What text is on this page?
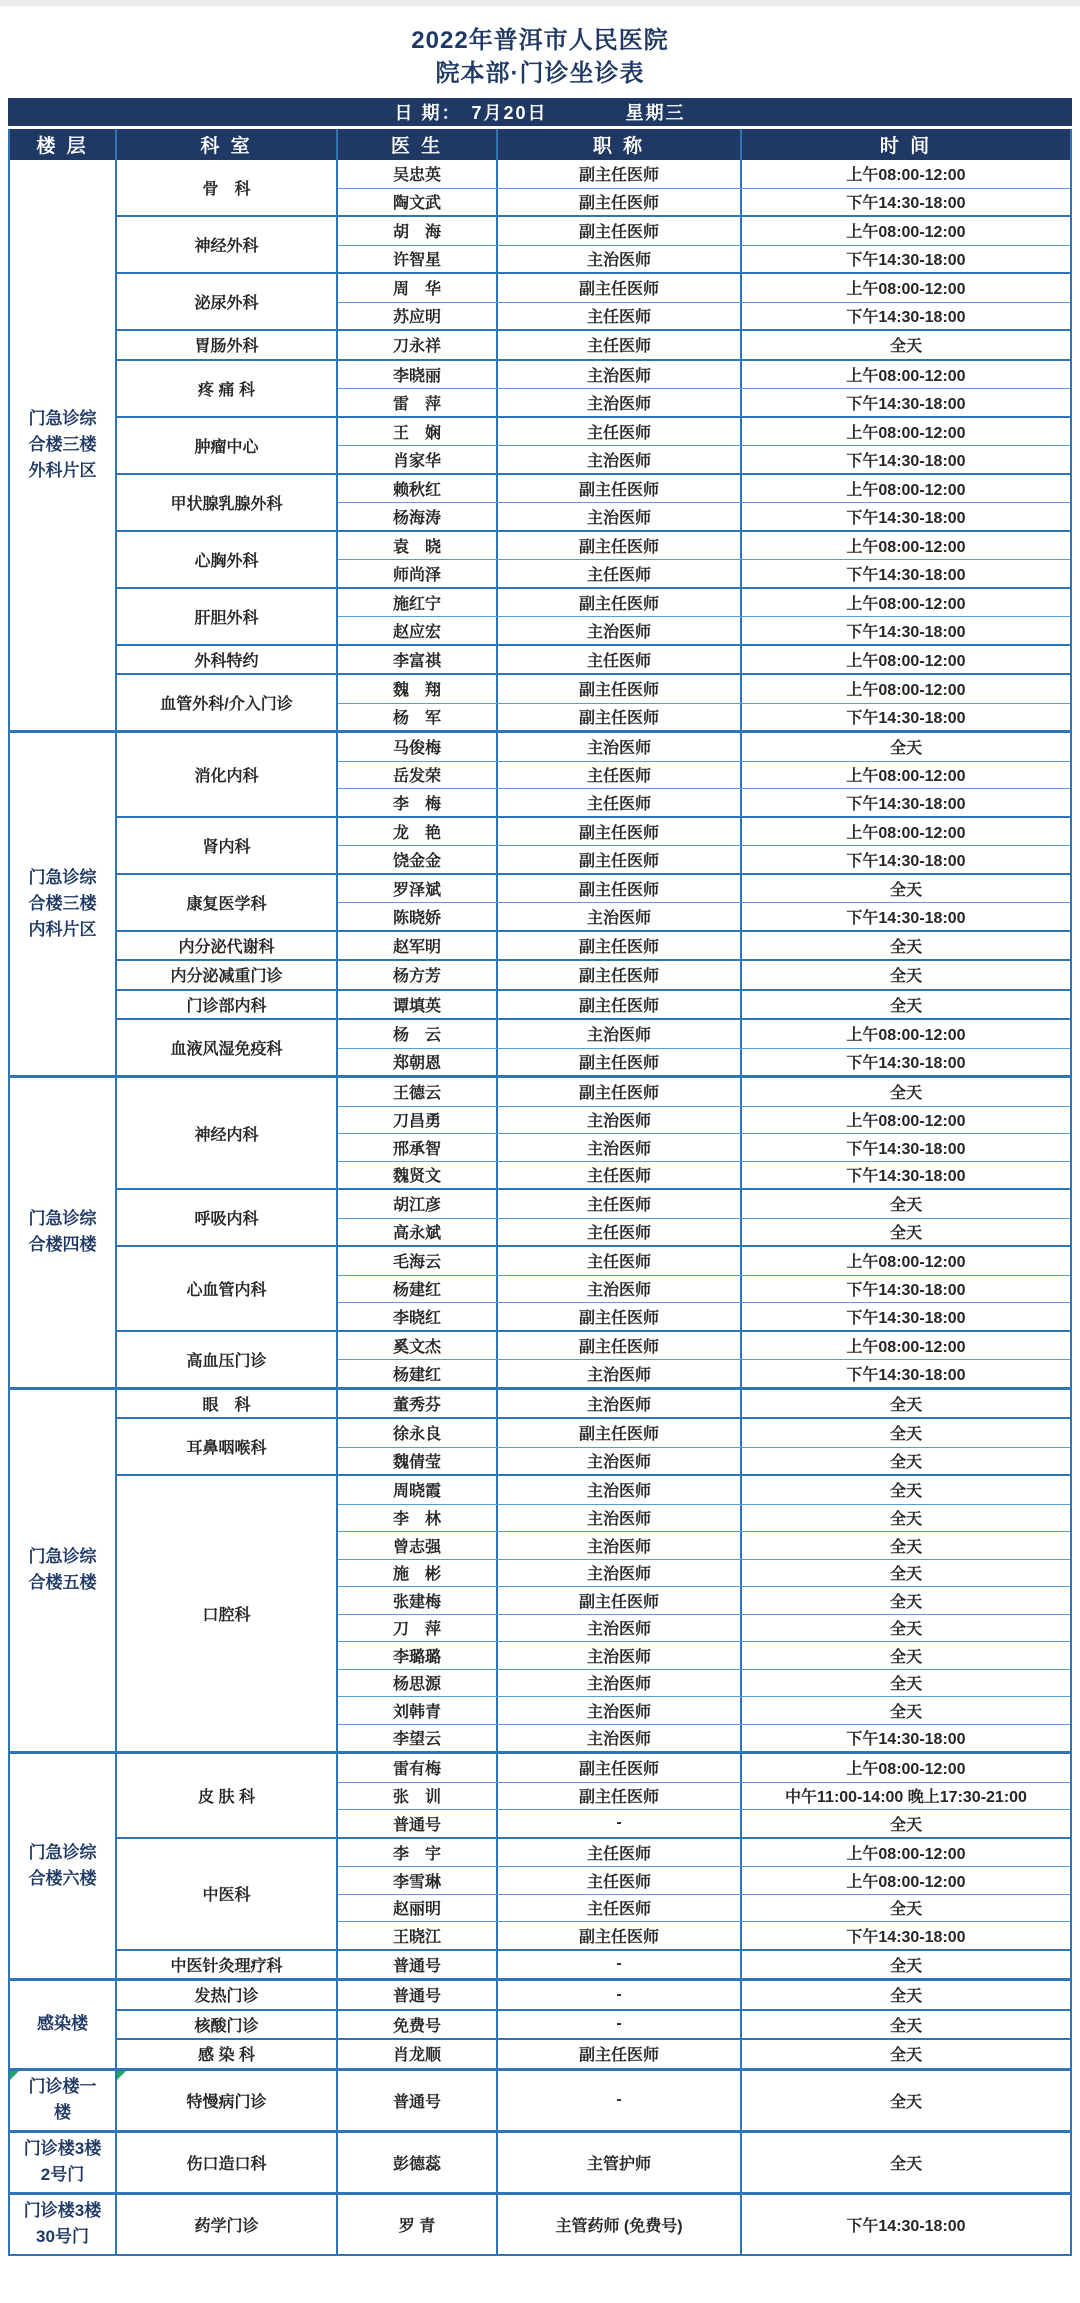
2022年普洱市人民医院
院本部·门诊坐诊表
日 期： 7月20日	星期三
楼 层	科 室	医 生	职 称	时 间
门急诊综
合楼三楼
外科片区
骨　科
吴忠英	副主任医师	上午08:00-12:00
陶文武	副主任医师	下午14:30-18:00
神经外科
胡　海	副主任医师	上午08:00-12:00
许智星	主治医师	下午14:30-18:00
泌尿外科
周　华	副主任医师	上午08:00-12:00
苏应明	主任医师	下午14:30-18:00
胃肠外科	刀永祥	主任医师	全天
疼 痛 科
李晓丽	主治医师	上午08:00-12:00
雷　萍	主治医师	下午14:30-18:00
肿瘤中心
王　娴	主任医师	上午08:00-12:00
肖家华	主治医师	下午14:30-18:00
甲状腺乳腺外科
赖秋红	副主任医师	上午08:00-12:00
杨海涛	主治医师	下午14:30-18:00
心胸外科
袁　晓	副主任医师	上午08:00-12:00
师尚泽	主任医师	下午14:30-18:00
肝胆外科
施红宁	副主任医师	上午08:00-12:00
赵应宏	主治医师	下午14:30-18:00
外科特约	李富祺	主任医师	上午08:00-12:00
血管外科/介入门诊
魏　翔	副主任医师	上午08:00-12:00
杨　军	副主任医师	下午14:30-18:00
门急诊综
合楼三楼
内科片区
消化内科
马俊梅	主治医师	全天
岳发荣	主任医师	上午08:00-12:00
李　梅	主任医师	下午14:30-18:00
肾内科
龙　艳	副主任医师	上午08:00-12:00
饶金金	副主任医师	下午14:30-18:00
康复医学科
罗泽斌	副主任医师	全天
陈晓娇	主治医师	下午14:30-18:00
内分泌代谢科	赵军明	副主任医师	全天
内分泌减重门诊	杨方芳	副主任医师	全天
门诊部内科	谭填英	副主任医师	全天
血液风湿免疫科
杨　云	主治医师	上午08:00-12:00
郑朝恩	副主任医师	下午14:30-18:00
门急诊综
合楼四楼
神经内科
王德云	副主任医师	全天
刀昌勇	主治医师	上午08:00-12:00
邢承智	主治医师	下午14:30-18:00
魏贤文	主任医师	下午14:30-18:00
呼吸内科
胡江彦	主任医师	全天
高永斌	主任医师	全天
心血管内科
毛海云	主任医师	上午08:00-12:00
杨建红	主治医师	下午14:30-18:00
李晓红	副主任医师	下午14:30-18:00
高血压门诊
奚文杰	副主任医师	上午08:00-12:00
杨建红	主治医师	下午14:30-18:00
门急诊综
合楼五楼
眼　科	董秀芬	主治医师	全天
耳鼻咽喉科
徐永良	副主任医师	全天
魏倩莹	主治医师	全天
口腔科
周晓霞	主治医师	全天
李　林	主治医师	全天
曾志强	主治医师	全天
施　彬	主治医师	全天
张建梅	副主任医师	全天
刀　萍	主治医师	全天
李璐璐	主治医师	全天
杨思源	主治医师	全天
刘韩青	主治医师	全天
李望云	主治医师	下午14:30-18:00
门急诊综
合楼六楼
皮 肤 科
雷有梅	副主任医师	上午08:00-12:00
张　训	副主任医师	中午11:00-14:00 晚上17:30-21:00
普通号	-	全天
中医科
李　宇	主任医师	上午08:00-12:00
李雪琳	主任医师	上午08:00-12:00
赵丽明	主任医师	全天
王晓江	副主任医师	下午14:30-18:00
中医针灸理疗科	普通号	-	全天
感染楼
发热门诊	普通号	-	全天
核酸门诊	免费号	-	全天
感 染 科	肖龙顺	副主任医师	全天
门诊楼一
楼
特慢病门诊	普通号	-	全天
门诊楼3楼
2号门
伤口造口科	彭德蕊	主管护师	全天
门诊楼3楼
30号门
药学门诊	罗 青	主管药师 (免费号)	下午14:30-18:00
